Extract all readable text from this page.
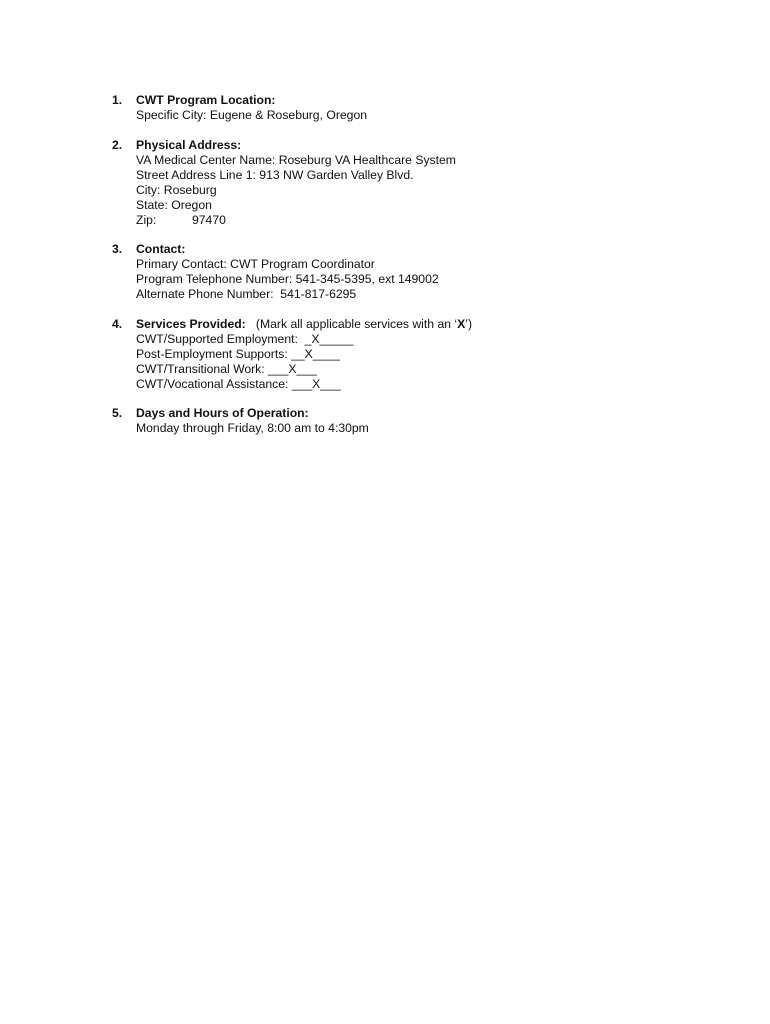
1.	CWT Program Location:
Specific City: Eugene & Roseburg, Oregon
2.	Physical Address:
VA Medical Center Name: Roseburg VA Healthcare System
Street Address Line 1: 913 NW Garden Valley Blvd.
City: Roseburg
State: Oregon
Zip:	97470
3.	Contact:
Primary Contact: CWT Program Coordinator
Program Telephone Number: 541-345-5395, ext 149002
Alternate Phone Number:  541-817-6295
4.	Services Provided: (Mark all applicable services with an ‘X’)
CWT/Supported Employment:  _X_____
Post-Employment Supports: __X____
CWT/Transitional Work: ___X___
CWT/Vocational Assistance: ___X___
5.	Days and Hours of Operation:
Monday through Friday, 8:00 am to 4:30pm
